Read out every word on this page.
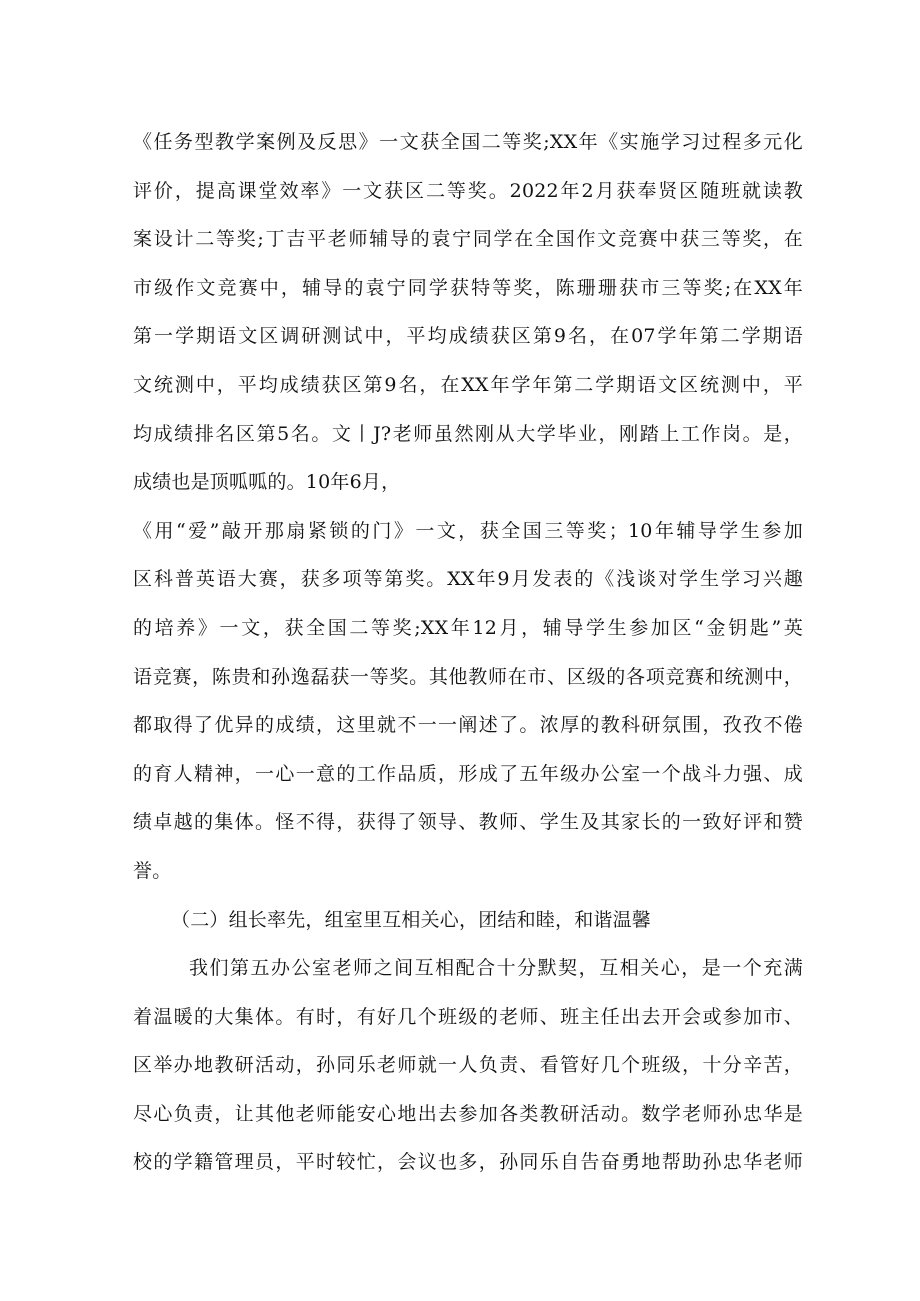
《任务型教学案例及反思》一文获全国二等奖;XX年《实施学习过程多元化
评价，提高课堂效率》一文获区二等奖。2022年2月获奉贤区随班就读教
案设计二等奖;丁吉平老师辅导的袁宁同学在全国作文竞赛中获三等奖，在
市级作文竞赛中，辅导的袁宁同学获特等奖，陈珊珊获市三等奖;在XX年
第一学期语文区调研测试中，平均成绩获区第9名，在07学年第二学期语
文统测中，平均成绩获区第9名，在XX年学年第二学期语文区统测中，平
均成绩排名区第5名。文丨J?老师虽然刚从大学毕业，刚踏上工作岗。是，
成绩也是顶呱呱的。10年6月，
《用“爱”敲开那扇紧锁的门》一文，获全国三等奖；10年辅导学生参加
区科普英语大赛，获多项等第奖。XX年9月发表的《浅谈对学生学习兴趣
的培养》一文，获全国二等奖;XX年12月，辅导学生参加区“金钥匙”英
语竞赛，陈贵和孙逸磊获一等奖。其他教师在市、区级的各项竞赛和统测中，
都取得了优异的成绩，这里就不一一阐述了。浓厚的教科研氛围，孜孜不倦
的育人精神，一心一意的工作品质，形成了五年级办公室一个战斗力强、成
绩卓越的集体。怪不得，获得了领导、教师、学生及其家长的一致好评和赞
誉。
（二）组长率先，组室里互相关心，团结和睦，和谐温馨
我们第五办公室老师之间互相配合十分默契，互相关心，是一个充满
着温暖的大集体。有时，有好几个班级的老师、班主任出去开会或参加市、
区举办地教研活动，孙同乐老师就一人负责、看管好几个班级，十分辛苦，
尽心负责，让其他老师能安心地出去参加各类教研活动。数学老师孙忠华是
校的学籍管理员，平时较忙，会议也多，孙同乐自告奋勇地帮助孙忠华老师
